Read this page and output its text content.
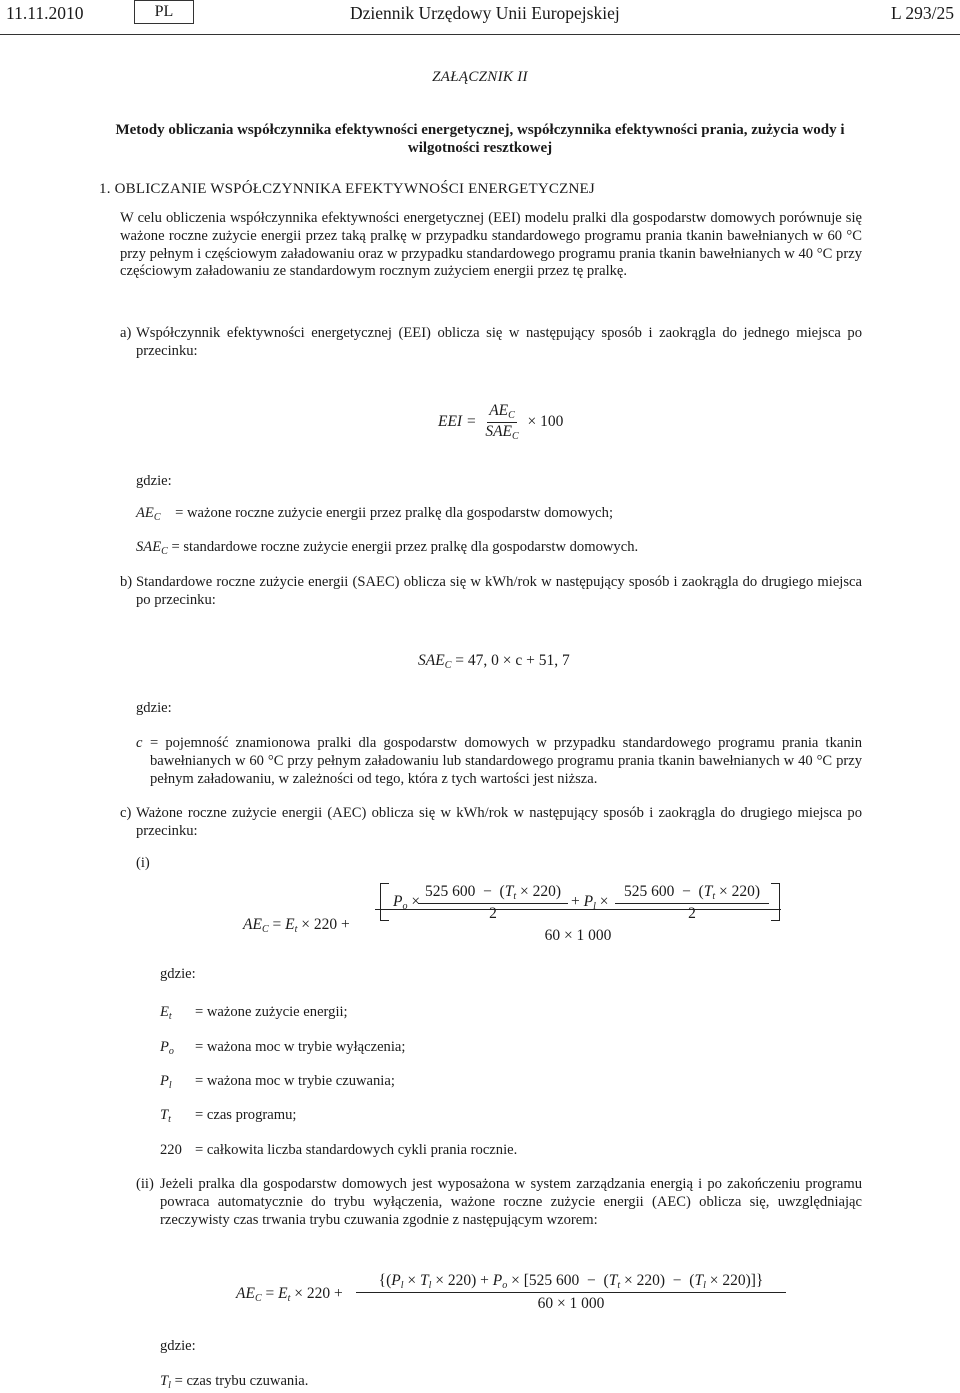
11.11.2010	PL	Dziennik Urzędowy Unii Europejskiej	L 293/25
ZAŁĄCZNIK II
Metody obliczania współczynnika efektywności energetycznej, współczynnika efektywności prania, zużycia wody i wilgotności resztkowej
1. OBLICZANIE WSPÓŁCZYNNIKA EFEKTYWNOŚCI ENERGETYCZNEJ
W celu obliczenia współczynnika efektywności energetycznej (EEI) modelu pralki dla gospodarstw domowych porównuje się ważone roczne zużycie energii przez taką pralkę w przypadku standardowego programu prania tkanin bawełnianych w 60 °C przy pełnym i częściowym załadowaniu oraz w przypadku standardowego programu prania tkanin bawełnianych w 40 °C przy częściowym załadowaniu ze standardowym rocznym zużyciem energii przez tę pralkę.
a) Współczynnik efektywności energetycznej (EEI) oblicza się w następujący sposób i zaokrągla do jednego miejsca po przecinku:
EEI = $\frac{AE_C}{SAE_C} \times 100$
gdzie:
$AE_C$ = ważone roczne zużycie energii przez pralkę dla gospodarstw domowych;
$SAE_C$ = standardowe roczne zużycie energii przez pralkę dla gospodarstw domowych.
b) Standardowe roczne zużycie energii (SAEC) oblicza się w kWh/rok w następujący sposób i zaokrągla do drugiego miejsca po przecinku:
$SAE_C = 47$, 0 × c + 51, 7
gdzie:
c = pojemność znamionowa pralki dla gospodarstw domowych w przypadku standardowego programu prania tkanin bawełnianych w 60 °C przy pełnym załadowaniu lub standardowego programu prania tkanin bawełnianych w 40 °C przy pełnym załadowaniu, w zależności od tego, która z tych wartości jest niższa.
c) Ważone roczne zużycie energii (AEC) oblicza się w kWh/rok w następujący sposób i zaokrągla do drugiego miejsca po przecinku:
(i)
$AE_C = E_t \times 220$ +
$P_o$ ×
525 $600 - (T_t \times 220)$
2
+ $P_l$ ×
525 $600 - (T_t \times 220)$
2
60 × 1 000
gdzie:
$E_t$ = ważone zużycie energii;
$P_o$ = ważona moc w trybie wyłączenia;
$P_l$ = ważona moc w trybie czuwania;
$T_t$ = czas programu;
220 = całkowita liczba standardowych cykli prania rocznie.
(ii) Jeżeli pralka dla gospodarstw domowych jest wyposażona w system zarządzania energią i po zakończeniu programu powraca automatycznie do trybu wyłączenia, ważone roczne zużycie energii (AEC) oblicza się, uwzględniając rzeczywisty czas trwania trybu czuwania zgodnie z następującym wzorem:
$AE_C = E_t \times 220$ +
{$(P_l \times T_l \times 220) + P_o \times [525$ $600 - (T_t \times 220) - (T_l \times 220)$]}
60 × 1 000
gdzie:
$T_l$ = czas trybu czuwania.
